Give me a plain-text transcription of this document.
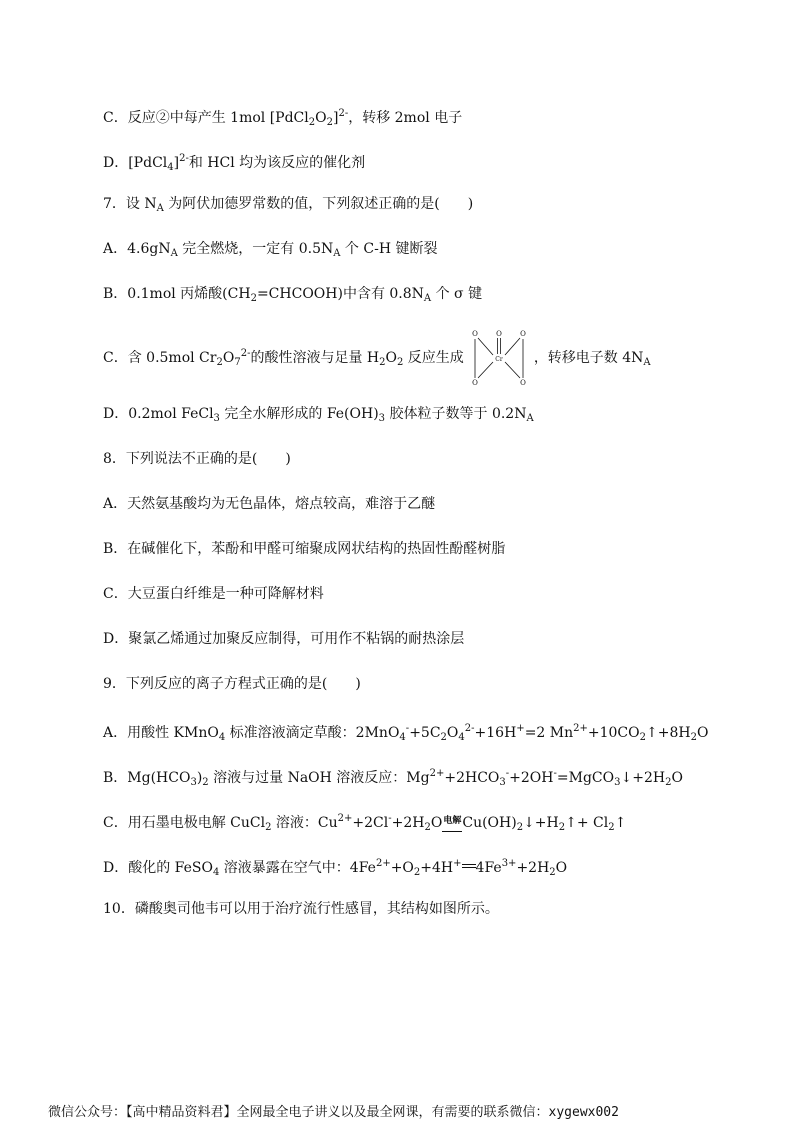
C．反应②中每产生 1mol $[PdCl_2O_2]^{2-}$，转移 2mol 电子
D．[PdCl$_4$]$^{2-}$和 HCl 均为该反应的催化剂
7．设 $N_A$ 为阿伏加德罗常数的值，下列叙述正确的是(　　)
A．$4.6gN_A$ 完全燃烧，一定有 $0.5N_A$ 个 C-H 键断裂
B．0.1mol 丙烯酸$(CH_2=CHCOOH)$中含有 $0.8N_A$ 个 σ 键
C．含 0.5mol $Cr_2O_7^{2-}$的酸性溶液与足量 $H_2O_2$ 反应生成
O	O	O
Cr
O	O
，转移电子数 $4N_A$
D．0.2mol FeCl$_3$ 完全水解形成的 $Fe(OH)_3$ 胶体粒子数等于 $0.2N_A$
8．下列说法不正确的是(　　)
A．天然氨基酸均为无色晶体，熔点较高，难溶于乙醚
B．在碱催化下，苯酚和甲醛可缩聚成网状结构的热固性酚醛树脂
C．大豆蛋白纤维是一种可降解材料
D．聚氯乙烯通过加聚反应制得，可用作不粘锅的耐热涂层
9．下列反应的离子方程式正确的是(　　)
A．用酸性 KMnO$_4$ 标准溶液滴定草酸：$2MnO_4^-+5C_2O_4^{2-}+16H^+=2$ $Mn^{2+}+10CO_2↑+8H_2O$
B．$Mg(HCO_3)_2$ 溶液与过量 NaOH 溶液反应：$Mg^{2+}+2HCO_3^-+2OH^-=MgCO_3↓+2H_2O$
C．用石墨电极电解 CuCl$_2$ 溶液：$Cu^{2+}+2Cl^-+2H_2O$电解$Cu(OH)_2↓+H_2↑+$ $Cl_2↑$
D．酸化的 FeSO$_4$ 溶液暴露在空气中：$4Fe^{2+}+O_2+4H^+$ $4Fe^{3+}+2H_2O$
10．磷酸奥司他韦可以用于治疗流行性感冒，其结构如图所示。
微信公众号：【高中精品资料君】全网最全电子讲义以及最全网课，有需要的联系微信：xygewx002
